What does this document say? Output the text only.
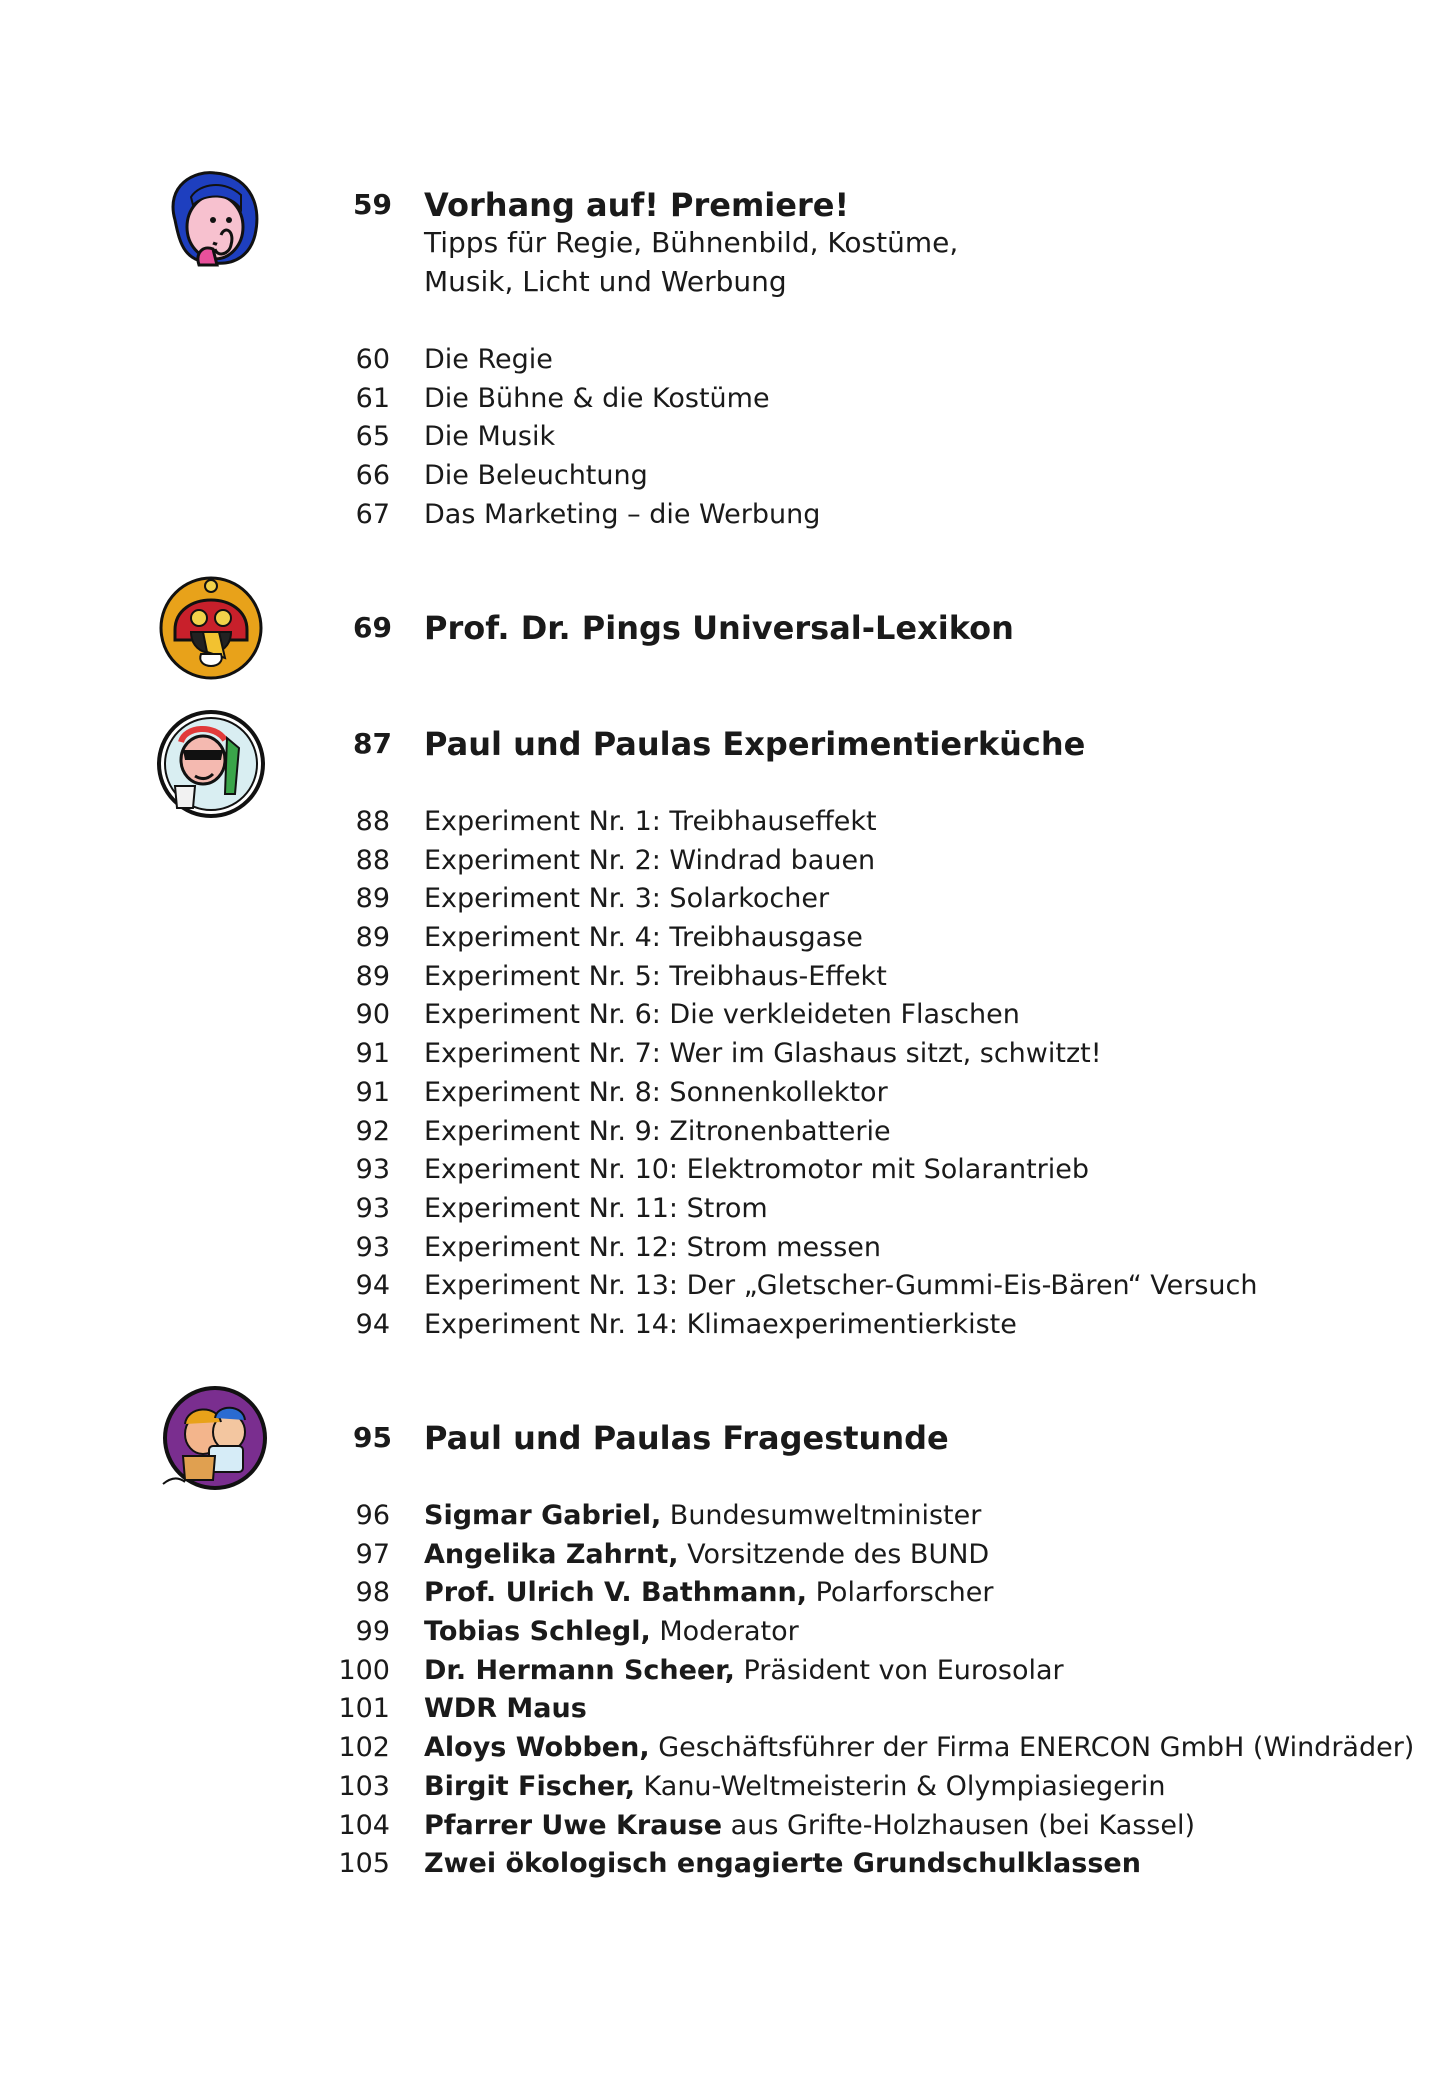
59	Vorhang auf! Premiere!
Tipps für Regie, Bühnenbild, Kostüme,
Musik, Licht und Werbung
60 Die Regie
61 Die Bühne & die Kostüme
65 Die Musik
66 Die Beleuchtung
67 Das Marketing – die Werbung
69	Prof. Dr. Pings Universal-Lexikon
87	Paul und Paulas Experimentierküche
88 Experiment Nr. 1: Treibhauseffekt
88 Experiment Nr. 2: Windrad bauen
89 Experiment Nr. 3: Solarkocher
89 Experiment Nr. 4: Treibhausgase
89 Experiment Nr. 5: Treibhaus-Effekt
90 Experiment Nr. 6: Die verkleideten Flaschen
91 Experiment Nr. 7: Wer im Glashaus sitzt, schwitzt!
91 Experiment Nr. 8: Sonnenkollektor
92 Experiment Nr. 9: Zitronenbatterie
93 Experiment Nr. 10: Elektromotor mit Solarantrieb
93 Experiment Nr. 11: Strom
93 Experiment Nr. 12: Strom messen
94 Experiment Nr. 13: Der „Gletscher-Gummi-Eis-Bären“ Versuch
94 Experiment Nr. 14: Klimaexperimentierkiste
95	Paul und Paulas Fragestunde
96 Sigmar Gabriel, Bundesumweltminister
97 Angelika Zahrnt, Vorsitzende des BUND
98 Prof. Ulrich V. Bathmann, Polarforscher
99 Tobias Schlegl, Moderator
100 Dr. Hermann Scheer, Präsident von Eurosolar
101 WDR Maus
102 Aloys Wobben, Geschäftsführer der Firma ENERCON GmbH (Windräder)
103 Birgit Fischer, Kanu-Weltmeisterin & Olympiasiegerin
104 Pfarrer Uwe Krause aus Grifte-Holzhausen (bei Kassel)
105 Zwei ökologisch engagierte Grundschulklassen
